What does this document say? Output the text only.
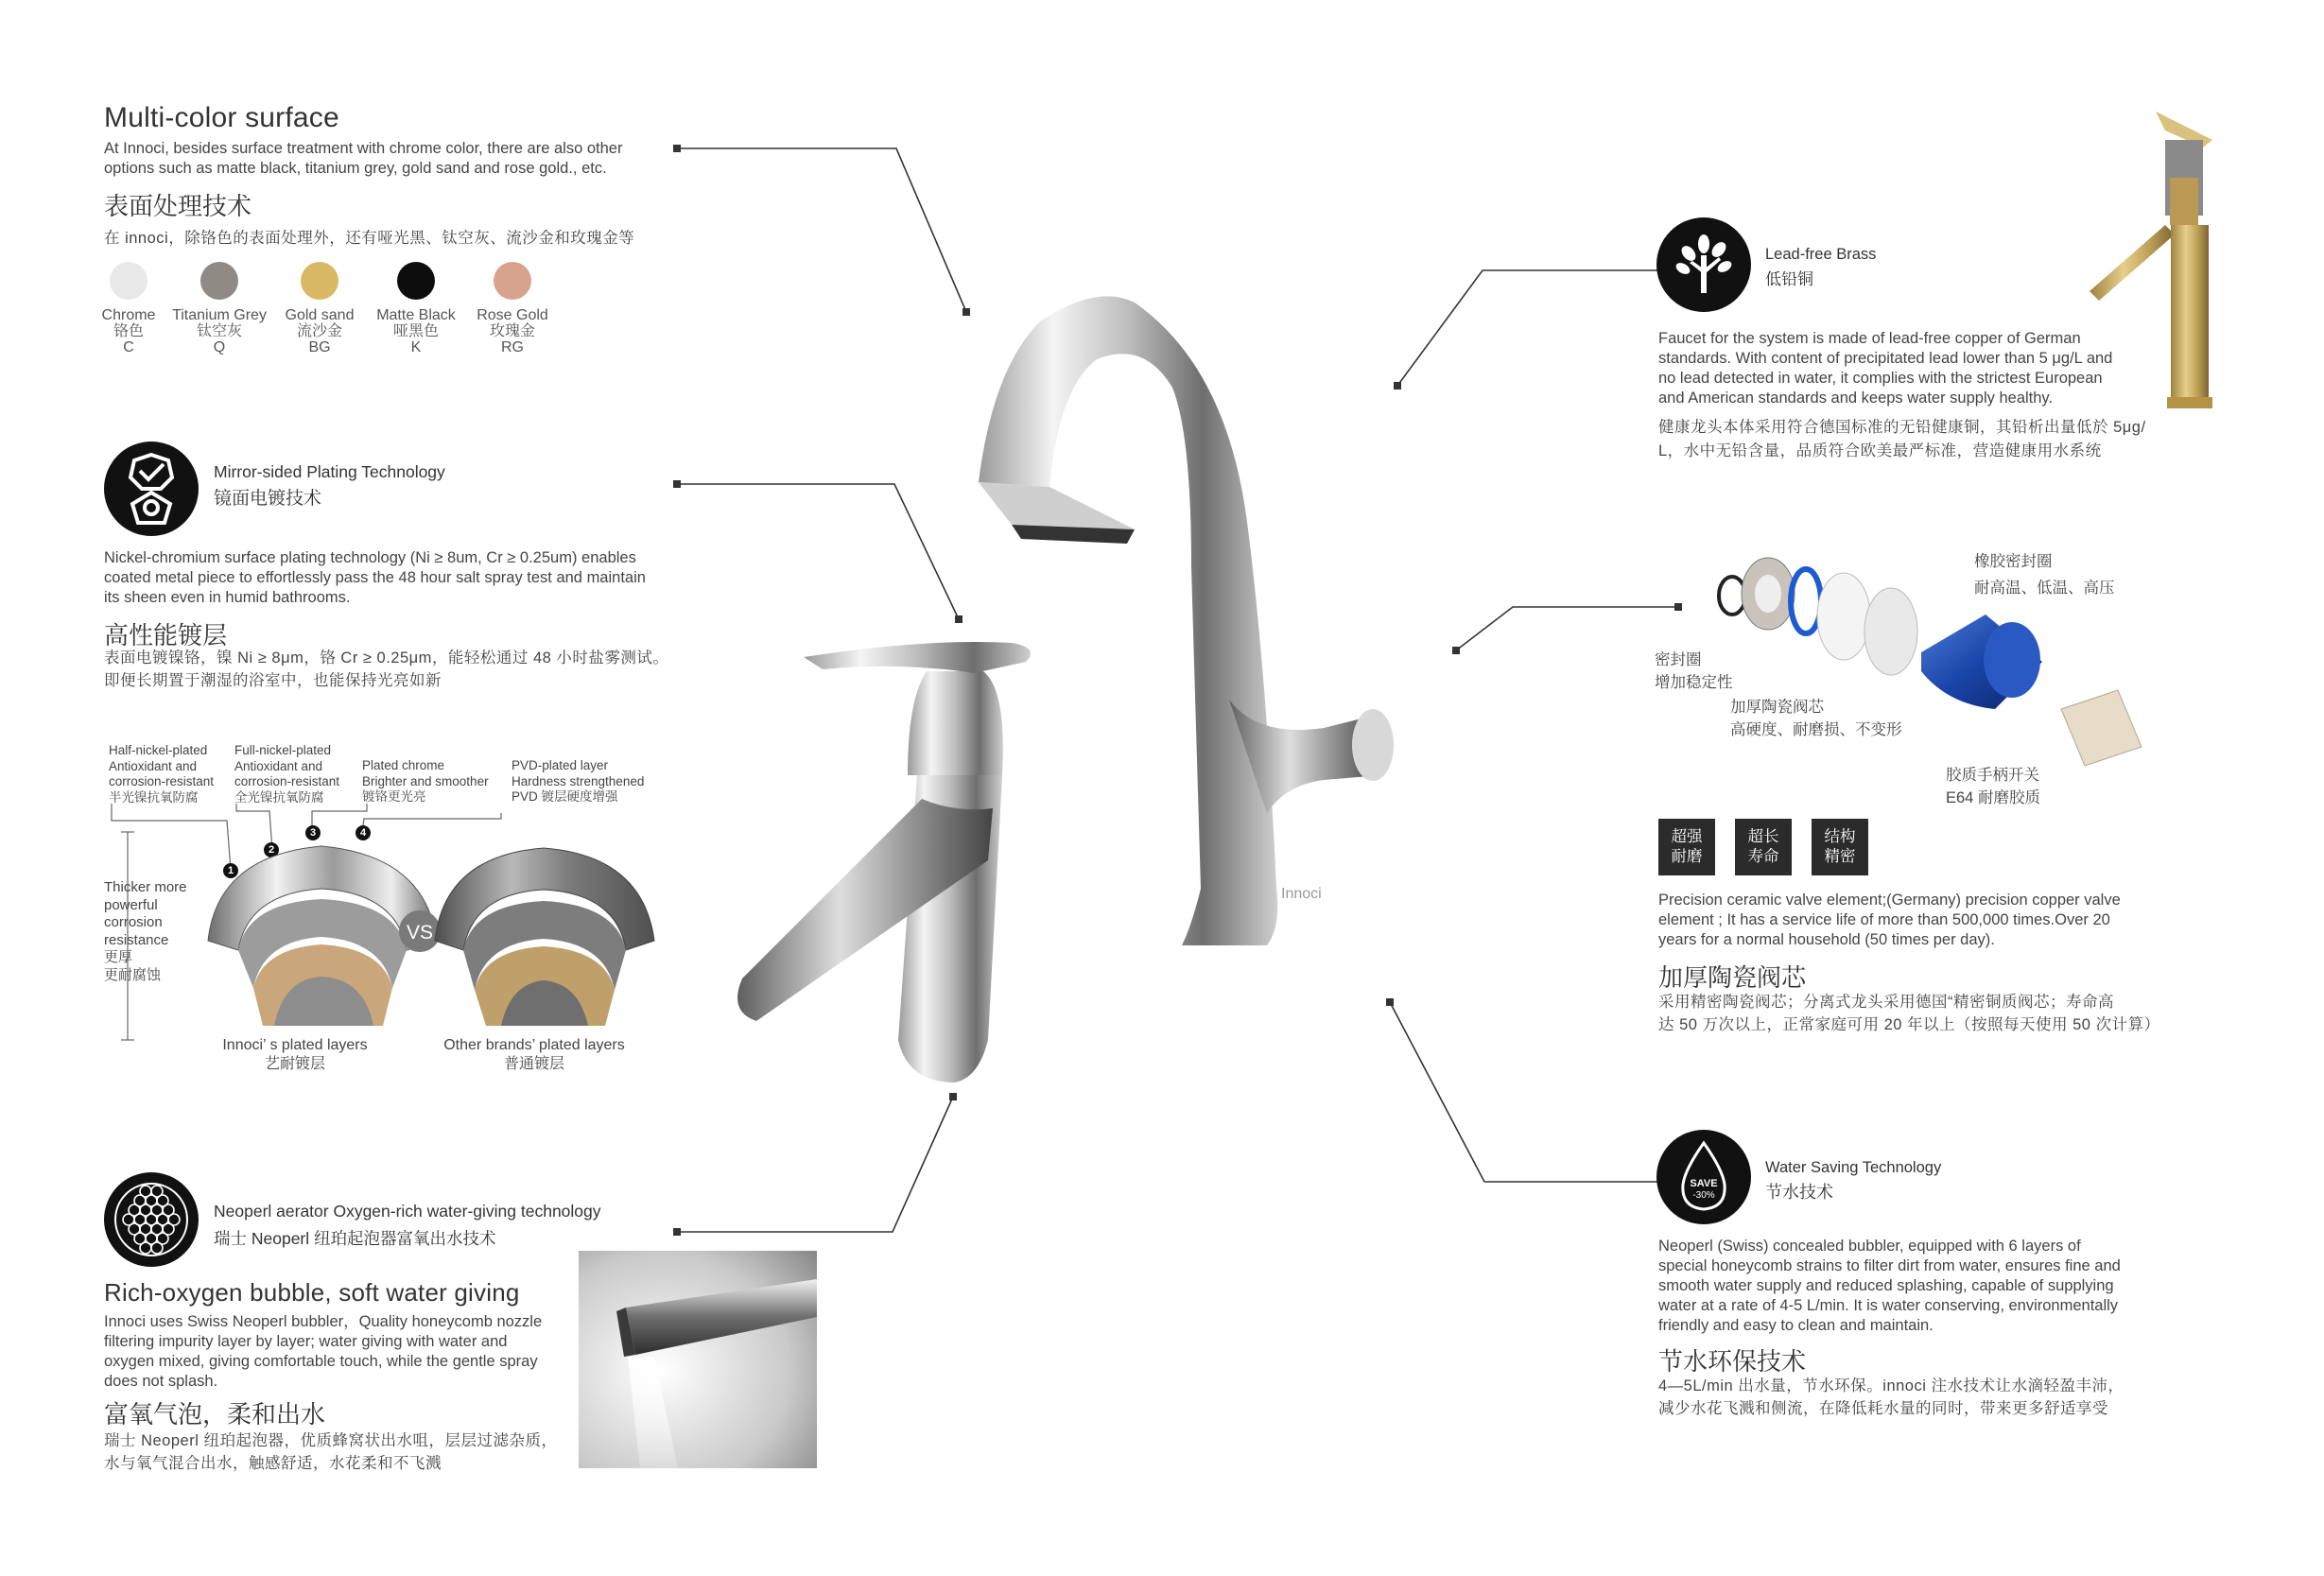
Multi-color surface
At Innoci, besides surface treatment with chrome color, there are also other
options such as matte black, titanium grey, gold sand and rose gold., etc.
表面处理技术
在 innoci，除铬色的表面处理外，还有哑光黑、钛空灰、流沙金和玫瑰金等
Chrome
铬色
C
Titanium Grey
钛空灰
Q
Gold sand
流沙金
BG
Matte Black
哑黑色
K
Rose Gold
玫瑰金
RG
Mirror-sided Plating Technology
镜面电镀技术
Nickel-chromium surface plating technology (Ni ≥ 8um, Cr ≥ 0.25um) enables
coated metal piece to effortlessly pass the 48 hour salt spray test and maintain
its sheen even in humid bathrooms.
高性能镀层
表面电镀镍铬，镍 Ni ≥ 8μm，铬 Cr ≥ 0.25μm，能轻松通过 48 小时盐雾测试。
即便长期置于潮湿的浴室中，也能保持光亮如新
Half-nickel-plated
Antioxidant and
corrosion-resistant
半光镍抗氧防腐
Full-nickel-plated
Antioxidant and
corrosion-resistant
全光镍抗氧防腐
Plated chrome
Brighter and smoother
镀铬更光亮
PVD-plated layer
Hardness strengthened
PVD 镀层硬度增强
1
2
3	4
Thicker more
powerful
corrosion
resistance
更厚
更耐腐蚀
VS
Innoci’ s plated layers
艺耐镀层
Other brands’ plated layers
普通镀层
Neoperl aerator Oxygen-rich water-giving technology
瑞士 Neoperl 纽珀起泡器富氧出水技术
Rich-oxygen bubble, soft water giving
Innoci uses Swiss Neoperl bubbler，Quality honeycomb nozzle
filtering impurity layer by layer; water giving with water and
oxygen mixed, giving comfortable touch, while the gentle spray
does not splash.
富氧气泡，柔和出水
瑞士 Neoperl 纽珀起泡器，优质蜂窝状出水咀，层层过滤杂质，
水与氧气混合出水，触感舒适，水花柔和不飞溅
Innoci
Lead-free Brass
低铅铜
Faucet for the system is made of lead-free copper of German
standards. With content of precipitated lead lower than 5 μg/L and
no lead detected in water, it complies with the strictest European
and American standards and keeps water supply healthy.
健康龙头本体采用符合德国标准的无铅健康铜，其铅析出量低於 5μg/
L，水中无铅含量，品质符合欧美最严标准，营造健康用水系统
橡胶密封圈
耐高温、低温、高压
密封圈
增加稳定性
加厚陶瓷阀芯
高硬度、耐磨损、不变形
胶质手柄开关
E64 耐磨胶质
超强
耐磨
超长
寿命
结构
精密
Precision ceramic valve element;(Germany) precision copper valve
element ; It has a service life of more than 500,000 times.Over 20
years for a normal household (50 times per day).
加厚陶瓷阀芯
采用精密陶瓷阀芯；分离式龙头采用德国“精密铜质阀芯；寿命高
达 50 万次以上，正常家庭可用 20 年以上（按照每天使用 50 次计算）
SAVE
-30%
Water Saving Technology
节水技术
Neoperl (Swiss) concealed bubbler, equipped with 6 layers of
special honeycomb strains to filter dirt from water, ensures fine and
smooth water supply and reduced splashing, capable of supplying
water at a rate of 4-5 L/min. It is water conserving, environmentally
friendly and easy to clean and maintain.
节水环保技术
4—5L/min 出水量，节水环保。innoci 注水技术让水滴轻盈丰沛，
减少水花飞溅和侧流，在降低耗水量的同时，带来更多舒适享受
